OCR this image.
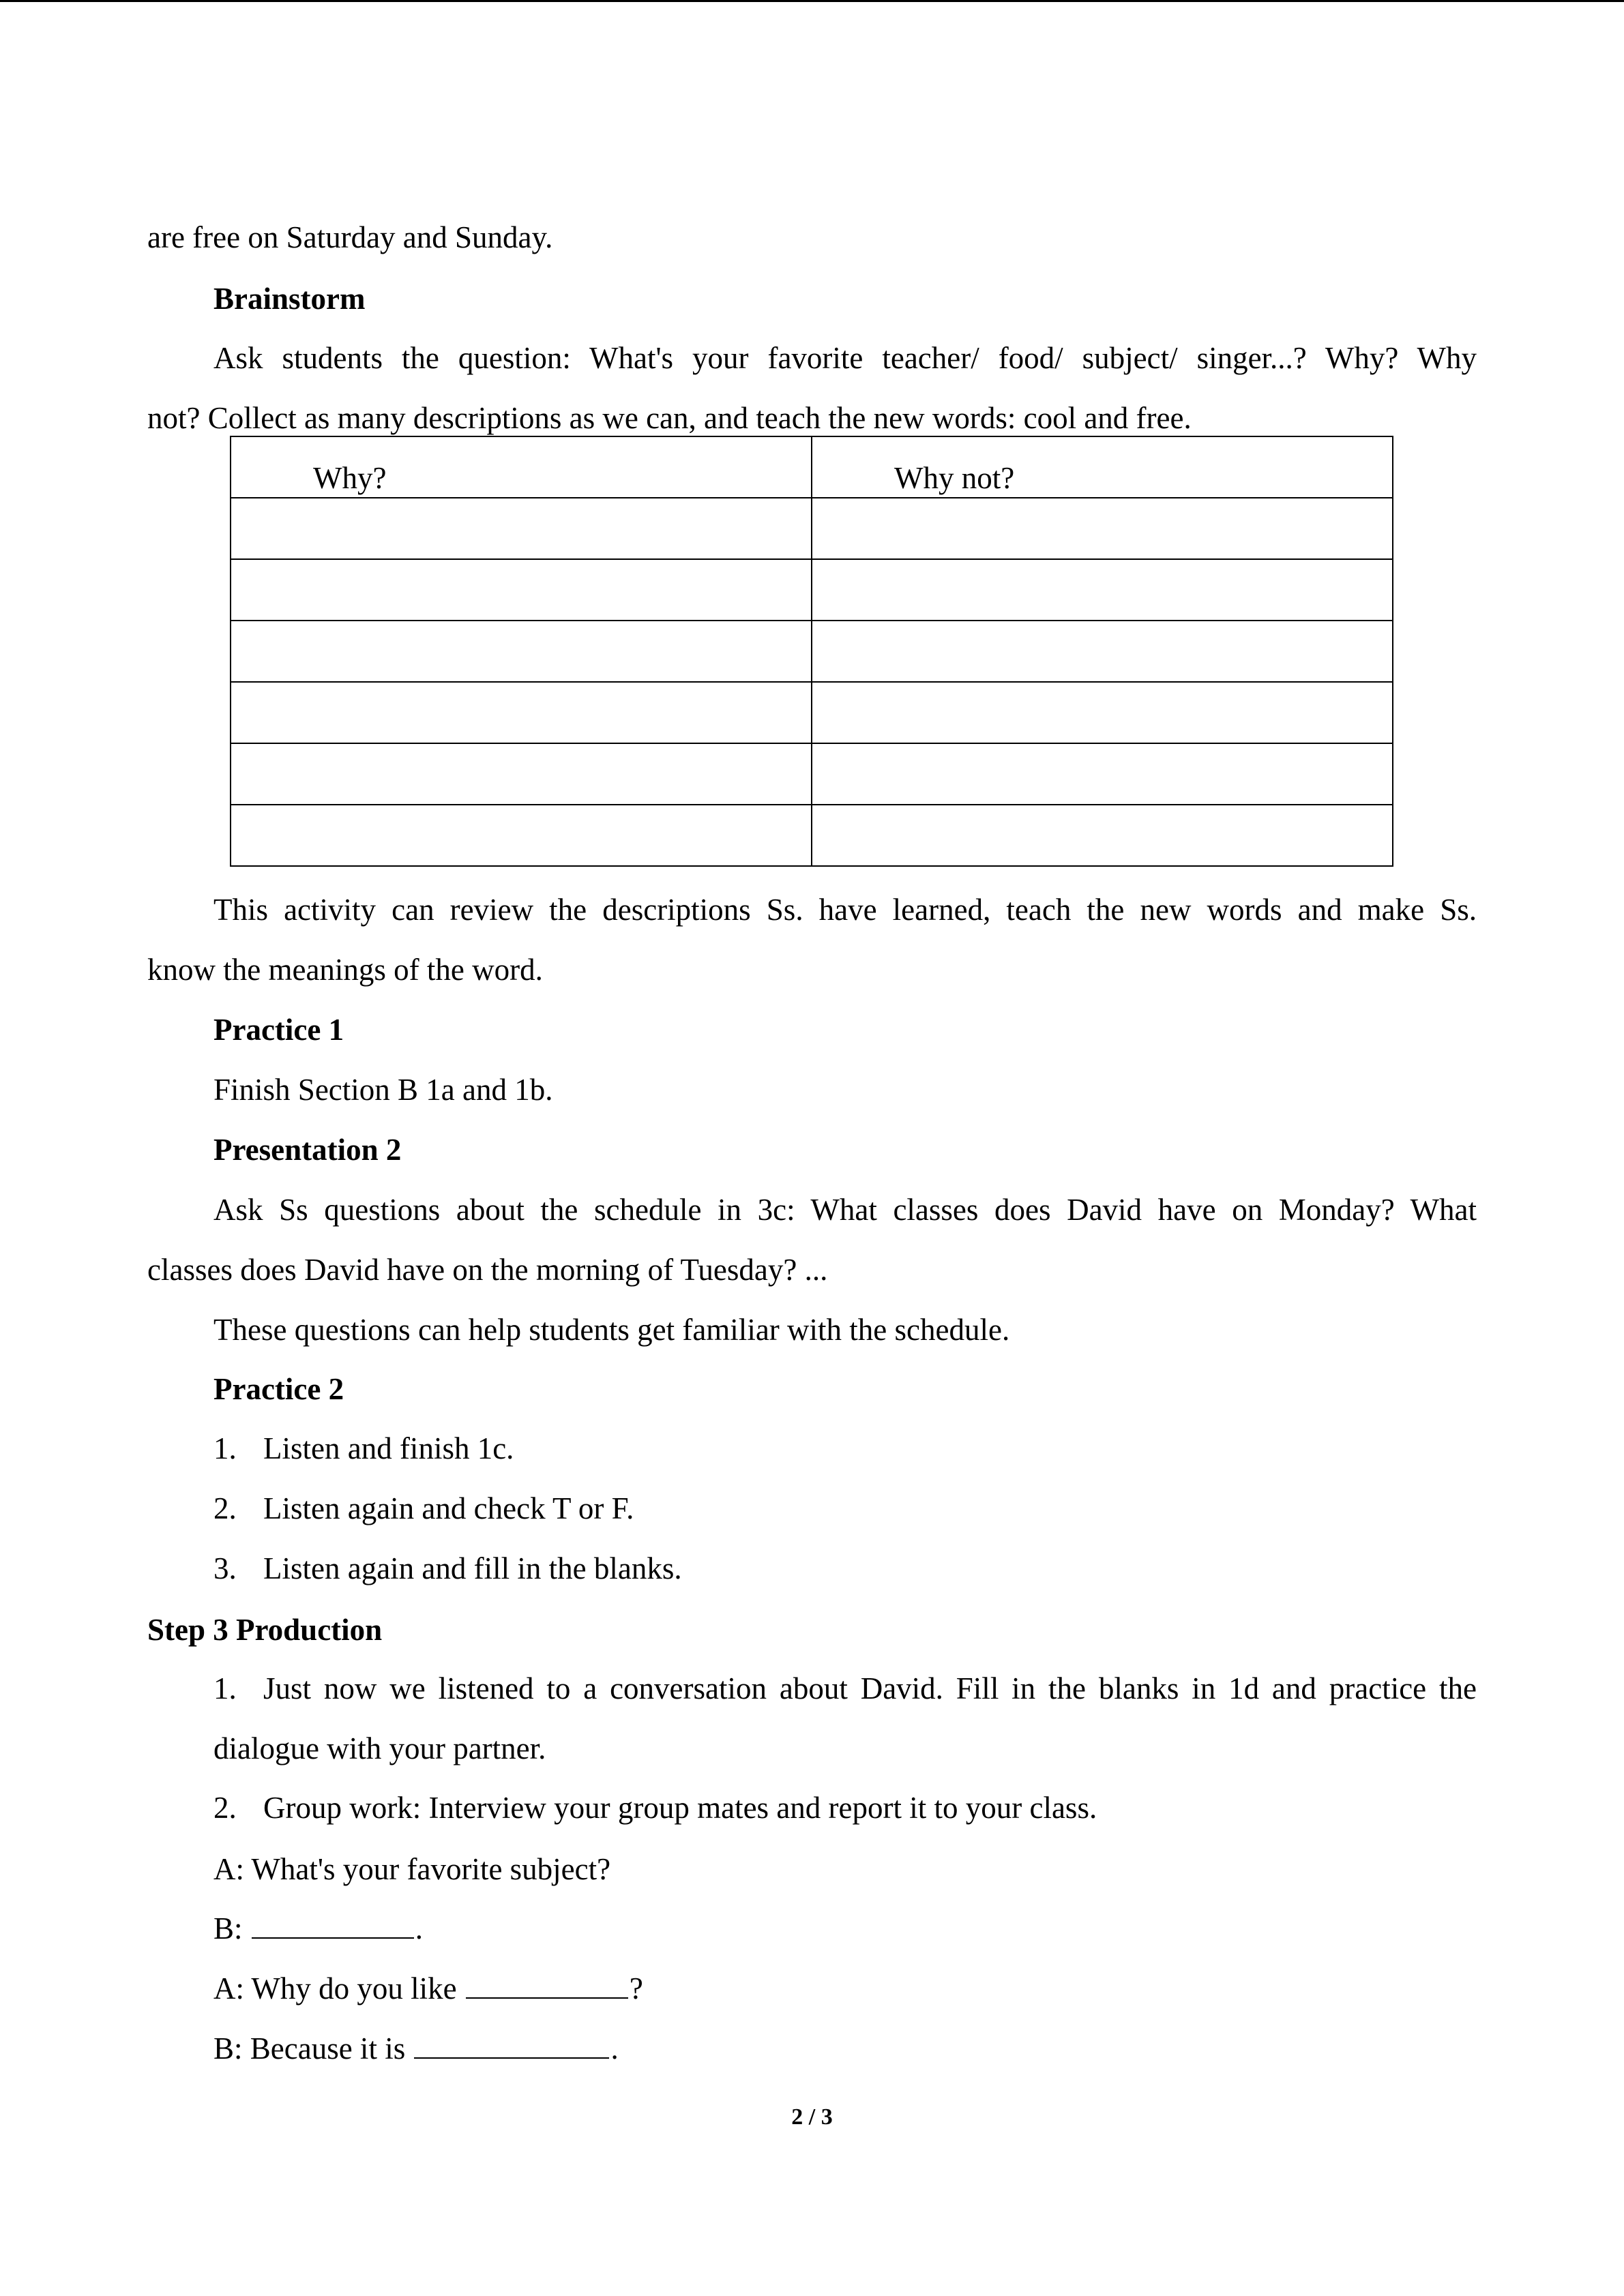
are free on Saturday and Sunday.
Brainstorm
Ask students the question: What's your favorite teacher/ food/ subject/ singer...? Why? Why
not? Collect as many descriptions as we can, and teach the new words: cool and free.
Why?	Why not?

This activity can review the descriptions Ss. have learned, teach the new words and make Ss.
know the meanings of the word.
Practice 1
Finish Section B 1a and 1b.
Presentation 2
Ask Ss questions about the schedule in 3c: What classes does David have on Monday? What
classes does David have on the morning of Tuesday? ...
These questions can help students get familiar with the schedule.
Practice 2
1. Listen and finish 1c.
2. Listen again and check T or F.
3. Listen again and fill in the blanks.
Step 3 Production
1. Just now we listened to a conversation about David. Fill in the blanks in 1d and practice the
dialogue with your partner.
2. Group work: Interview your group mates and report it to your class.
A: What's your favorite subject?
B:	.
A: Why do you like	?
B: Because it is	.
2 / 3
